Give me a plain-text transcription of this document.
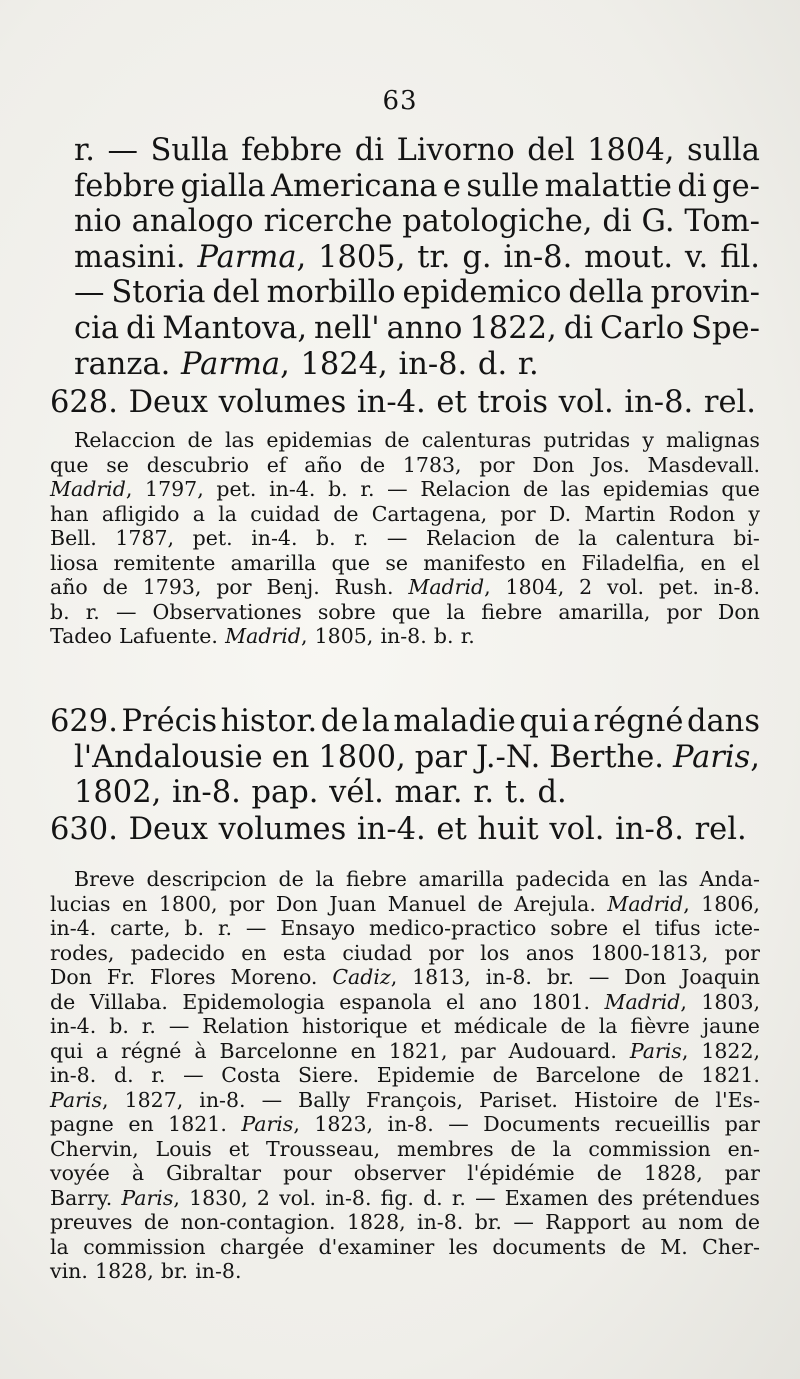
63
r. — Sulla febbre di Livorno del 1804, sulla
febbre gialla Americana e sulle malattie di ge-
nio analogo ricerche patologiche, di G. Tom-
masini. Parma, 1805, tr. g. in-8. mout. v. fil.
— Storia del morbillo epidemico della provin-
cia di Mantova, nell' anno 1822, di Carlo Spe-
ranza. Parma, 1824, in-8. d. r.
628. Deux volumes in-4. et trois vol. in-8. rel.
Relaccion de las epidemias de calenturas putridas y malignas
que se descubrio ef año de 1783, por Don Jos. Masdevall.
Madrid, 1797, pet. in-4. b. r. — Relacion de las epidemias que
han afligido a la cuidad de Cartagena, por D. Martin Rodon y
Bell. 1787, pet. in-4. b. r. — Relacion de la calentura bi-
liosa remitente amarilla que se manifesto en Filadelfia, en el
año de 1793, por Benj. Rush. Madrid, 1804, 2 vol. pet. in-8.
b. r. — Observationes sobre que la fiebre amarilla, por Don
Tadeo Lafuente. Madrid, 1805, in-8. b. r.
629. Précis histor. de la maladie qui a régné dans
l'Andalousie en 1800, par J.-N. Berthe. Paris,
1802, in-8. pap. vél. mar. r. t. d.
630. Deux volumes in-4. et huit vol. in-8. rel.
Breve descripcion de la fiebre amarilla padecida en las Anda-
lucias en 1800, por Don Juan Manuel de Arejula. Madrid, 1806,
in-4. carte, b. r. — Ensayo medico-practico sobre el tifus icte-
rodes, padecido en esta ciudad por los anos 1800-1813, por
Don Fr. Flores Moreno. Cadiz, 1813, in-8. br. — Don Joaquin
de Villaba. Epidemologia espanola el ano 1801. Madrid, 1803,
in-4. b. r. — Relation historique et médicale de la fièvre jaune
qui a régné à Barcelonne en 1821, par Audouard. Paris, 1822,
in-8. d. r. — Costa Siere. Epidemie de Barcelone de 1821.
Paris, 1827, in-8. — Bally François, Pariset. Histoire de l'Es-
pagne en 1821. Paris, 1823, in-8. — Documents recueillis par
Chervin, Louis et Trousseau, membres de la commission en-
voyée à Gibraltar pour observer l'épidémie de 1828, par
Barry. Paris, 1830, 2 vol. in-8. fig. d. r. — Examen des prétendues
preuves de non-contagion. 1828, in-8. br. — Rapport au nom de
la commission chargée d'examiner les documents de M. Cher-
vin. 1828, br. in-8.
